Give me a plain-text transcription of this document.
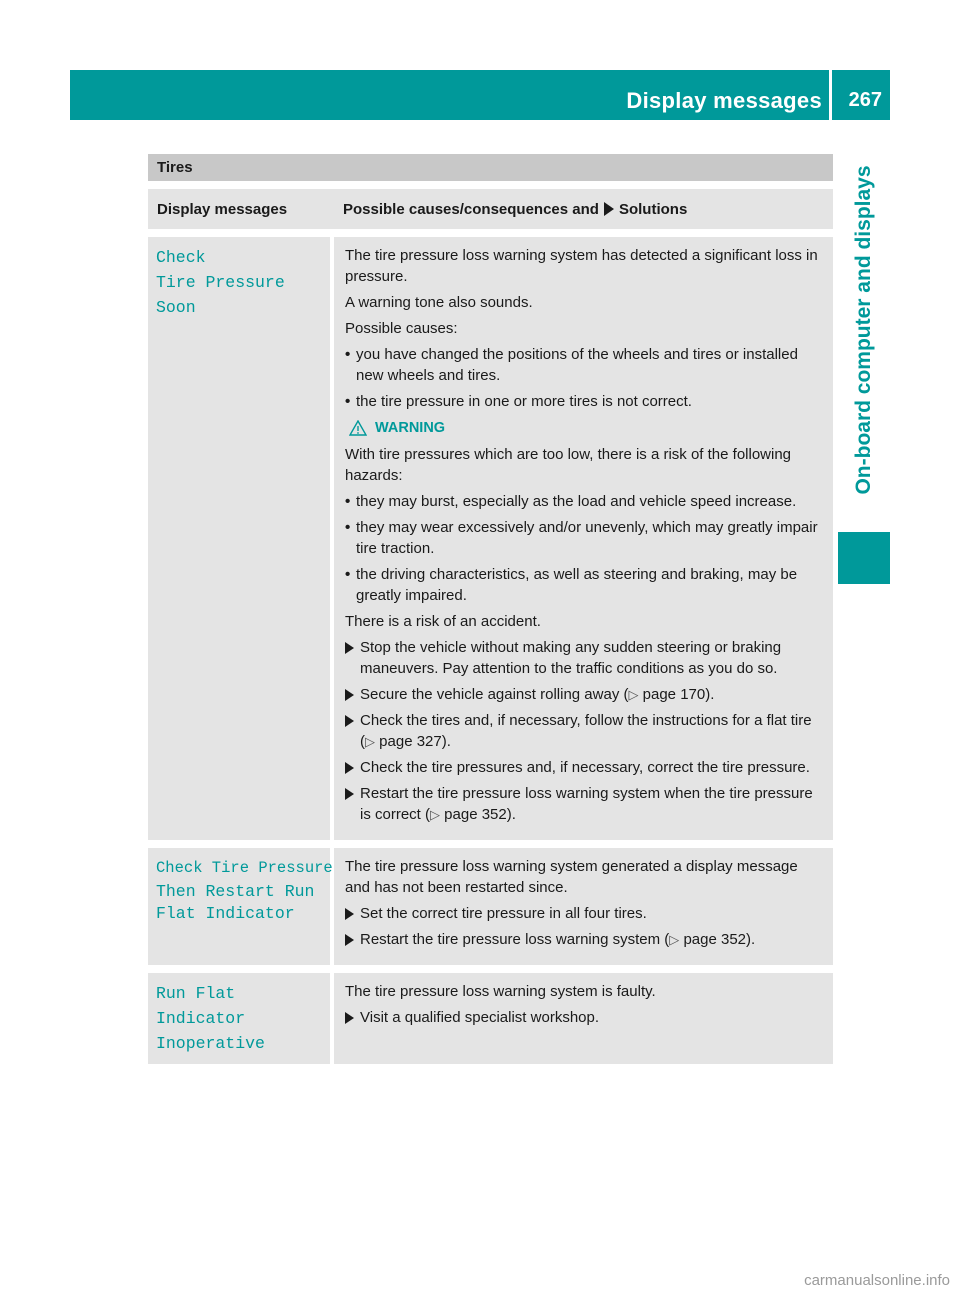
Display messages 267
On-board computer and displays
Tires
Display messages	Possible causes/consequences and Solutions
Check
Tire Pressure Soon

The tire pressure loss warning system has detected a significant loss in pressure.

A warning tone also sounds.

Possible causes:

• you have changed the positions of the wheels and tires or installed new wheels and tires.
• the tire pressure in one or more tires is not correct.
WARNING

With tire pressures which are too low, there is a risk of the following hazards:

• they may burst, especially as the load and vehicle speed increase.
• they may wear excessively and/or unevenly, which may greatly impair tire traction.
• the driving characteristics, as well as steering and braking, may be greatly impaired.

There is a risk of an accident.

Stop the vehicle without making any sudden steering or braking maneuvers. Pay attention to the traffic conditions as you do so.
Secure the vehicle against rolling away (▷ page 170).
Check the tires and, if necessary, follow the instructions for a flat tire (▷ page 327).
Check the tire pressures and, if necessary, correct the tire pressure.
Restart the tire pressure loss warning system when the tire pressure is correct (▷ page 352).
Check Tire Pressure
Then Restart Run
Flat Indicator

The tire pressure loss warning system generated a display message and has not been restarted since.

Set the correct tire pressure in all four tires.
Restart the tire pressure loss warning system (▷ page 352).
Run Flat Indicator
Inoperative

The tire pressure loss warning system is faulty.

Visit a qualified specialist workshop.
carmanualsonline.info
